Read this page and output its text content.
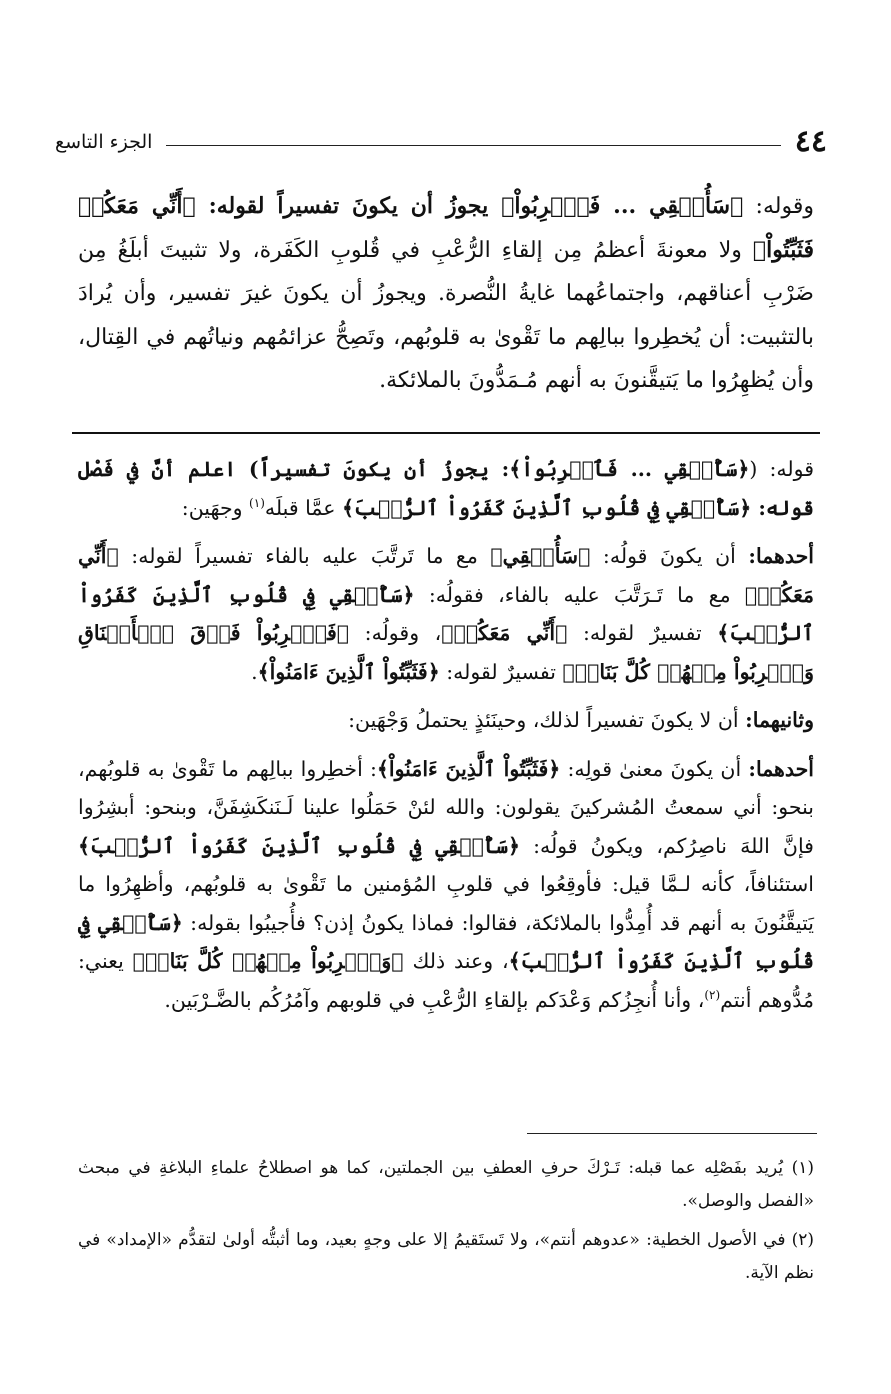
٤٤
الجزء التاسع

وقوله: ﴿سَأُلۡقِي ... فَٱضۡرِبُواْ﴾ يجوزُ أن يكونَ تفسيراً لقوله: ﴿أَنِّي مَعَكُمۡ فَثَبِّتُواْ﴾ ولا معونةَ أعظمُ مِن إلقاءِ الرُّعْبِ في قُلوبِ الكَفَرة، ولا تثبيتَ أبلَغُ مِن ضَرْبِ أعناقهم، واجتماعُهما غايةُ النُّصرة. ويجوزُ أن يكونَ غيرَ تفسير، وأن يُرادَ بالتثبيت: أن يُخطِروا ببالِهم ما تَقْوىٰ به قلوبُهم، وتَصِحُّ عزائمُهم ونياتُهم في القِتال، وأن يُظهِرُوا ما يَتيقَّنونَ به أنهم مُـمَدُّونَ بالملائكة.

قوله: (﴿سَأُلۡقِي ... فَٱضۡرِبُواْ﴾: يجوزُ أن يكونَ تفسيراً) اعلم أنَّ في فَصْل قوله: ﴿سَأُلۡقِي فِي قُلُوبِ ٱلَّذِينَ كَفَرُواْ ٱلرُّعۡبَ﴾ عمَّا قبلَه$^{(١)}$ وجهَين:

أحدهما: أن يكونَ قولُه: ﴿سَأُلۡقِي﴾ مع ما تَرتَّبَ عليه بالفاء تفسيراً لقوله: ﴿أَنِّي مَعَكُمۡ﴾ مع ما تَـرَتَّبَ عليه بالفاء، فقولُه: ﴿سَأُلۡقِي فِي قُلُوبِ ٱلَّذِينَ كَفَرُواْ ٱلرُّعۡبَ﴾ تفسيرٌ لقوله: ﴿أَنِّي مَعَكُمۡ﴾، وقولُه: ﴿فَٱضۡرِبُواْ فَوۡقَ ٱلۡأَعۡنَاقِ وَٱضۡرِبُواْ مِنۡهُمۡ كُلَّ بَنَانٖ﴾ تفسيرٌ لقوله: ﴿فَثَبِّتُواْ ٱلَّذِينَ ءَامَنُواْ﴾.

وثانيهما: أن لا يكونَ تفسيراً لذلك، وحينَئذٍ يحتملُ وَجْهَين:

أحدهما: أن يكونَ معنىٰ قولِه: ﴿فَثَبِّتُواْ ٱلَّذِينَ ءَامَنُواْ﴾: أخطِروا ببالِهم ما تَقْوىٰ به قلوبُهم، بنحو: أني سمعتُ المُشركينَ يقولون: والله لئنْ حَمَلُوا علينا لَـنَنكَشِفَنَّ، وبنحو: أبشِرُوا فإنَّ اللهَ ناصِرُكم، ويكونُ قولُه: ﴿سَأُلۡقِي فِي قُلُوبِ ٱلَّذِينَ كَفَرُواْ ٱلرُّعۡبَ﴾ استئنافاً، كأنه لـمَّا قيل: فأوقِعُوا في قلوبِ المُؤمنين ما تَقْوىٰ به قلوبُهم، وأظهِرُوا ما يَتيقَّنُونَ به أنهم قد أُمِدُّوا بالملائكة، فقالوا: فماذا يكونُ إذن؟ فأُجيبُوا بقوله: ﴿سَأُلۡقِي فِي قُلُوبِ ٱلَّذِينَ كَفَرُواْ ٱلرُّعۡبَ﴾، وعند ذلك ﴿وَٱضۡرِبُواْ مِنۡهُمۡ كُلَّ بَنَانٖ﴾ يعني: مُدُّوهم أنتم$^{(٢)}$، وأنا أُنجِزُكم وَعْدَكم بإلقاءِ الرُّعْبِ في قلوبهم وآمُرُكُم بالضَّـرْبَين.

(١) يُريد بفَصْلِه عما قبله: تَـرْكَ حرفِ العطفِ بين الجملتين، كما هو اصطلاحُ علماءِ البلاغةِ في مبحث «الفصل والوصل».

(٢) في الأصول الخطية: «عدوهم أنتم»، ولا تَستَقيمُ إلا على وجهٍ بعيد، وما أثبتُّه أولىٰ لتقدُّم «الإمداد» في نظم الآية.
